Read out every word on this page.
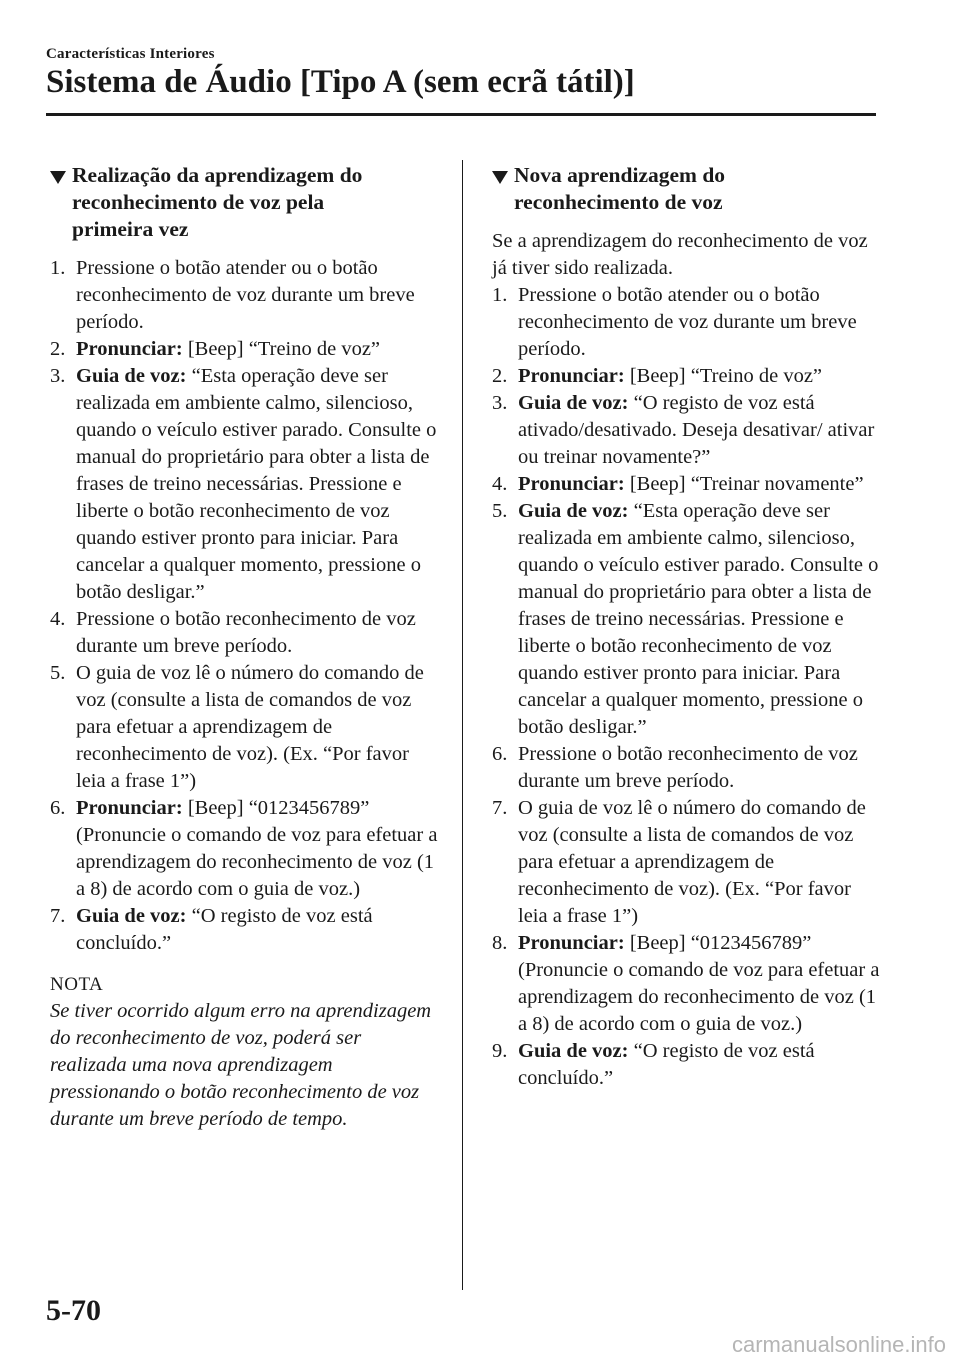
Características Interiores
Sistema de Áudio [Tipo A (sem ecrã tátil)]
Realização da aprendizagem do
reconhecimento de voz pela
primeira vez
1. Pressione o botão atender ou o botão reconhecimento de voz durante um breve período.
2. Pronunciar: [Beep] “Treino de voz”
3. Guia de voz: “Esta operação deve ser realizada em ambiente calmo, silencioso, quando o veículo estiver parado. Consulte o manual do proprietário para obter a lista de frases de treino necessárias. Pressione e liberte o botão reconhecimento de voz quando estiver pronto para iniciar. Para cancelar a qualquer momento, pressione o botão desligar.”
4. Pressione o botão reconhecimento de voz durante um breve período.
5. O guia de voz lê o número do comando de voz (consulte a lista de comandos de voz para efetuar a aprendizagem de reconhecimento de voz). (Ex. “Por favor leia a frase 1”)
6. Pronunciar: [Beep] “0123456789” (Pronuncie o comando de voz para efetuar a aprendizagem do reconhecimento de voz (1 a 8) de acordo com o guia de voz.)
7. Guia de voz: “O registo de voz está concluído.”
NOTA
Se tiver ocorrido algum erro na aprendizagem do reconhecimento de voz, poderá ser realizada uma nova aprendizagem pressionando o botão reconhecimento de voz durante um breve período de tempo.
Nova aprendizagem do
reconhecimento de voz

Se a aprendizagem do reconhecimento de voz já tiver sido realizada.

1. Pressione o botão atender ou o botão reconhecimento de voz durante um breve período.
2. Pronunciar: [Beep] “Treino de voz”
3. Guia de voz: “O registo de voz está ativado/desativado. Deseja desativar/ ativar ou treinar novamente?”
4. Pronunciar: [Beep] “Treinar novamente”
5. Guia de voz: “Esta operação deve ser realizada em ambiente calmo, silencioso, quando o veículo estiver parado. Consulte o manual do proprietário para obter a lista de frases de treino necessárias. Pressione e liberte o botão reconhecimento de voz quando estiver pronto para iniciar. Para cancelar a qualquer momento, pressione o botão desligar.”
6. Pressione o botão reconhecimento de voz durante um breve período.
7. O guia de voz lê o número do comando de voz (consulte a lista de comandos de voz para efetuar a aprendizagem de reconhecimento de voz). (Ex. “Por favor leia a frase 1”)
8. Pronunciar: [Beep] “0123456789” (Pronuncie o comando de voz para efetuar a aprendizagem do reconhecimento de voz (1 a 8) de acordo com o guia de voz.)
9. Guia de voz: “O registo de voz está concluído.”
5-70
carmanualsonline.info
